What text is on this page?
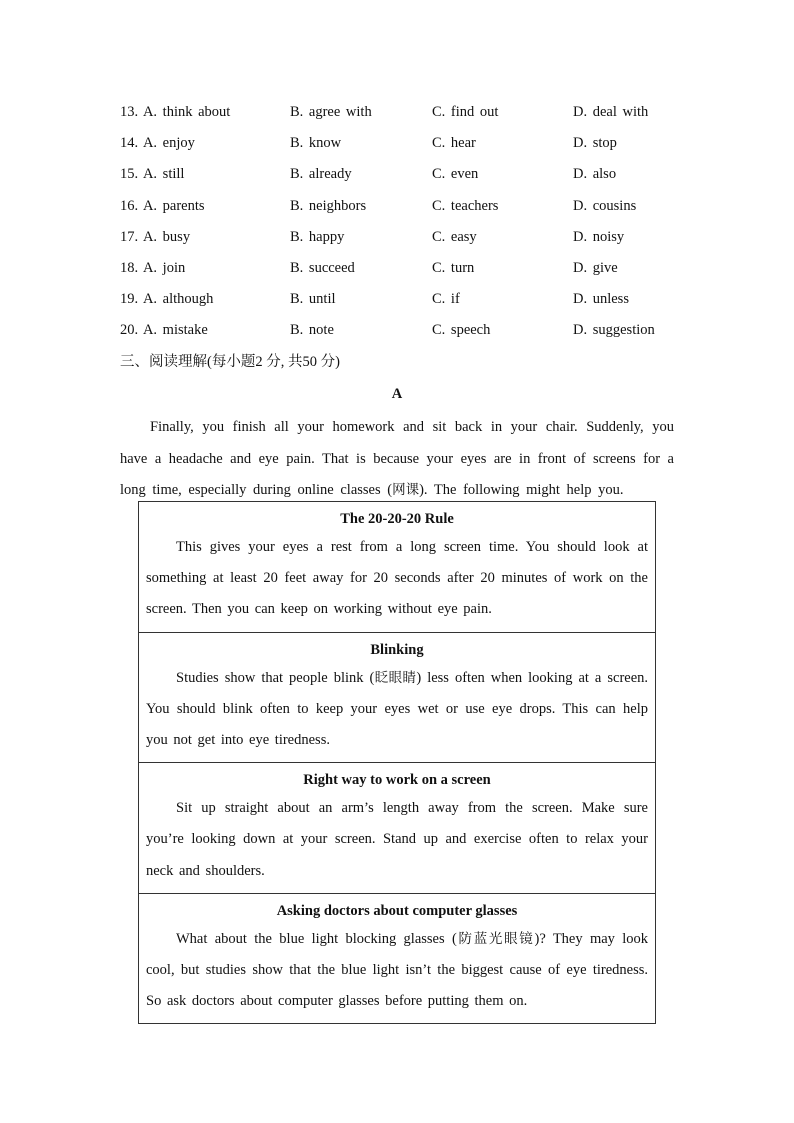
13. A. think about	B. agree with	C. find out	D. deal with
14. A. enjoy	B. know	C. hear	D. stop
15. A. still	B. already	C. even	D. also
16. A. parents	B. neighbors	C. teachers	D. cousins
17. A. busy	B. happy	C. easy	D. noisy
18. A. join	B. succeed	C. turn	D. give
19. A. although	B. until	C. if	D. unless
20. A. mistake	B. note	C. speech	D. suggestion
三、阅读理解(每小题2 分, 共50 分)
A

Finally, you finish all your homework and sit back in your chair. Suddenly, you have a headache and eye pain. That is because your eyes are in front of screens for a long time, especially during online classes (网课). The following might help you.

The 20-20-20 Rule

This gives your eyes a rest from a long screen time. You should look at something at least 20 feet away for 20 seconds after 20 minutes of work on the screen. Then you can keep on working without eye pain.

Blinking

Studies show that people blink (眨眼睛) less often when looking at a screen. You should blink often to keep your eyes wet or use eye drops. This can help you not get into eye tiredness.

Right way to work on a screen

Sit up straight about an arm’s length away from the screen. Make sure you’re looking down at your screen. Stand up and exercise often to relax your neck and shoulders.

Asking doctors about computer glasses

What about the blue light blocking glasses (防蓝光眼镜)? They may look cool, but studies show that the blue light isn’t the biggest cause of eye tiredness. So ask doctors about computer glasses before putting them on.
